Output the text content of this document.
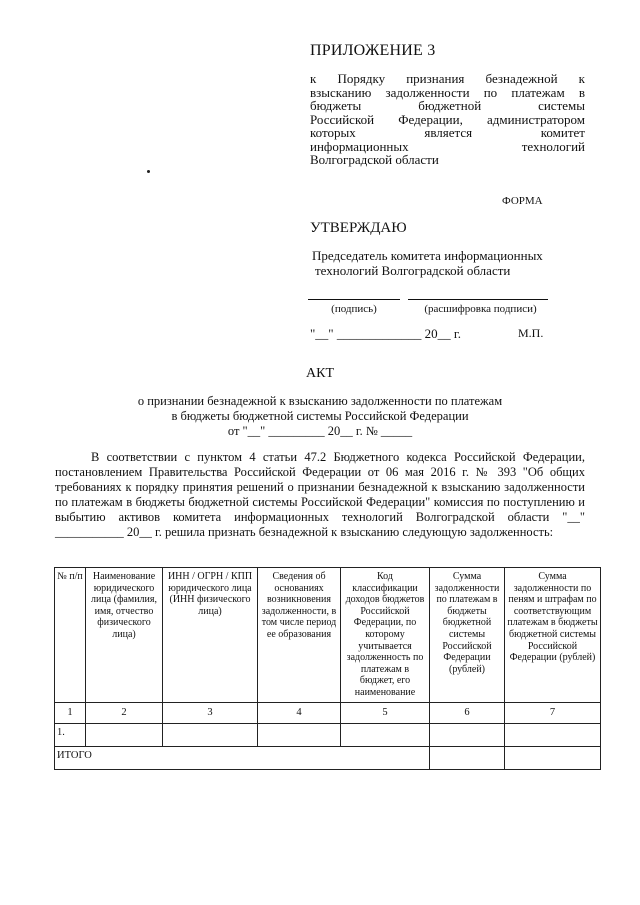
ПРИЛОЖЕНИЕ 3
к Порядку признания безнадежной к
взысканию задолженности по платежам в
бюджеты бюджетной системы
Российской Федерации, администратором
которых является комитет
информационных технологий
Волгоградской области
ФОРМА
УТВЕРЖДАЮ
Председатель комитета информационных
технологий Волгоградской области
(подпись)	(расшифровка подписи)
"__" _____________ 20__ г.	М.П.
АКТ
о признании безнадежной к взысканию задолженности по платежам
в бюджеты бюджетной системы Российской Федерации
от "__" _________ 20__ г. № _____
В соответствии с пунктом 4 статьи 47.2 Бюджетного кодекса Российской Федерации, постановлением Правительства Российской Федерации от 06 мая 2016 г. № 393 "Об общих требованиях к порядку принятия решений о признании безнадежной к взысканию задолженности по платежам в бюджеты бюджетной системы Российской Федерации" комиссия по поступлению и выбытию активов комитета информационных технологий Волгоградской области "__" ___________ 20__ г. решила признать безнадежной к взысканию следующую задолженность:
№ п/п	Наименование юридического лица (фамилия, имя, отчество физического лица)	ИНН / ОГРН / КПП юридического лица (ИНН физического лица)	Сведения об основаниях возникновения задолженности, в том числе период ее образования	Код классификации доходов бюджетов Российской Федерации, по которому учитывается задолженность по платежам в бюджет, его наименование	Сумма задолженности по платежам в бюджеты бюджетной системы Российской Федерации (рублей)	Сумма задолженности по пеням и штрафам по соответствующим платежам в бюджеты бюджетной системы Российской Федерации (рублей)
1	2	3	4	5	6	7
1.						
ИТОГО						
